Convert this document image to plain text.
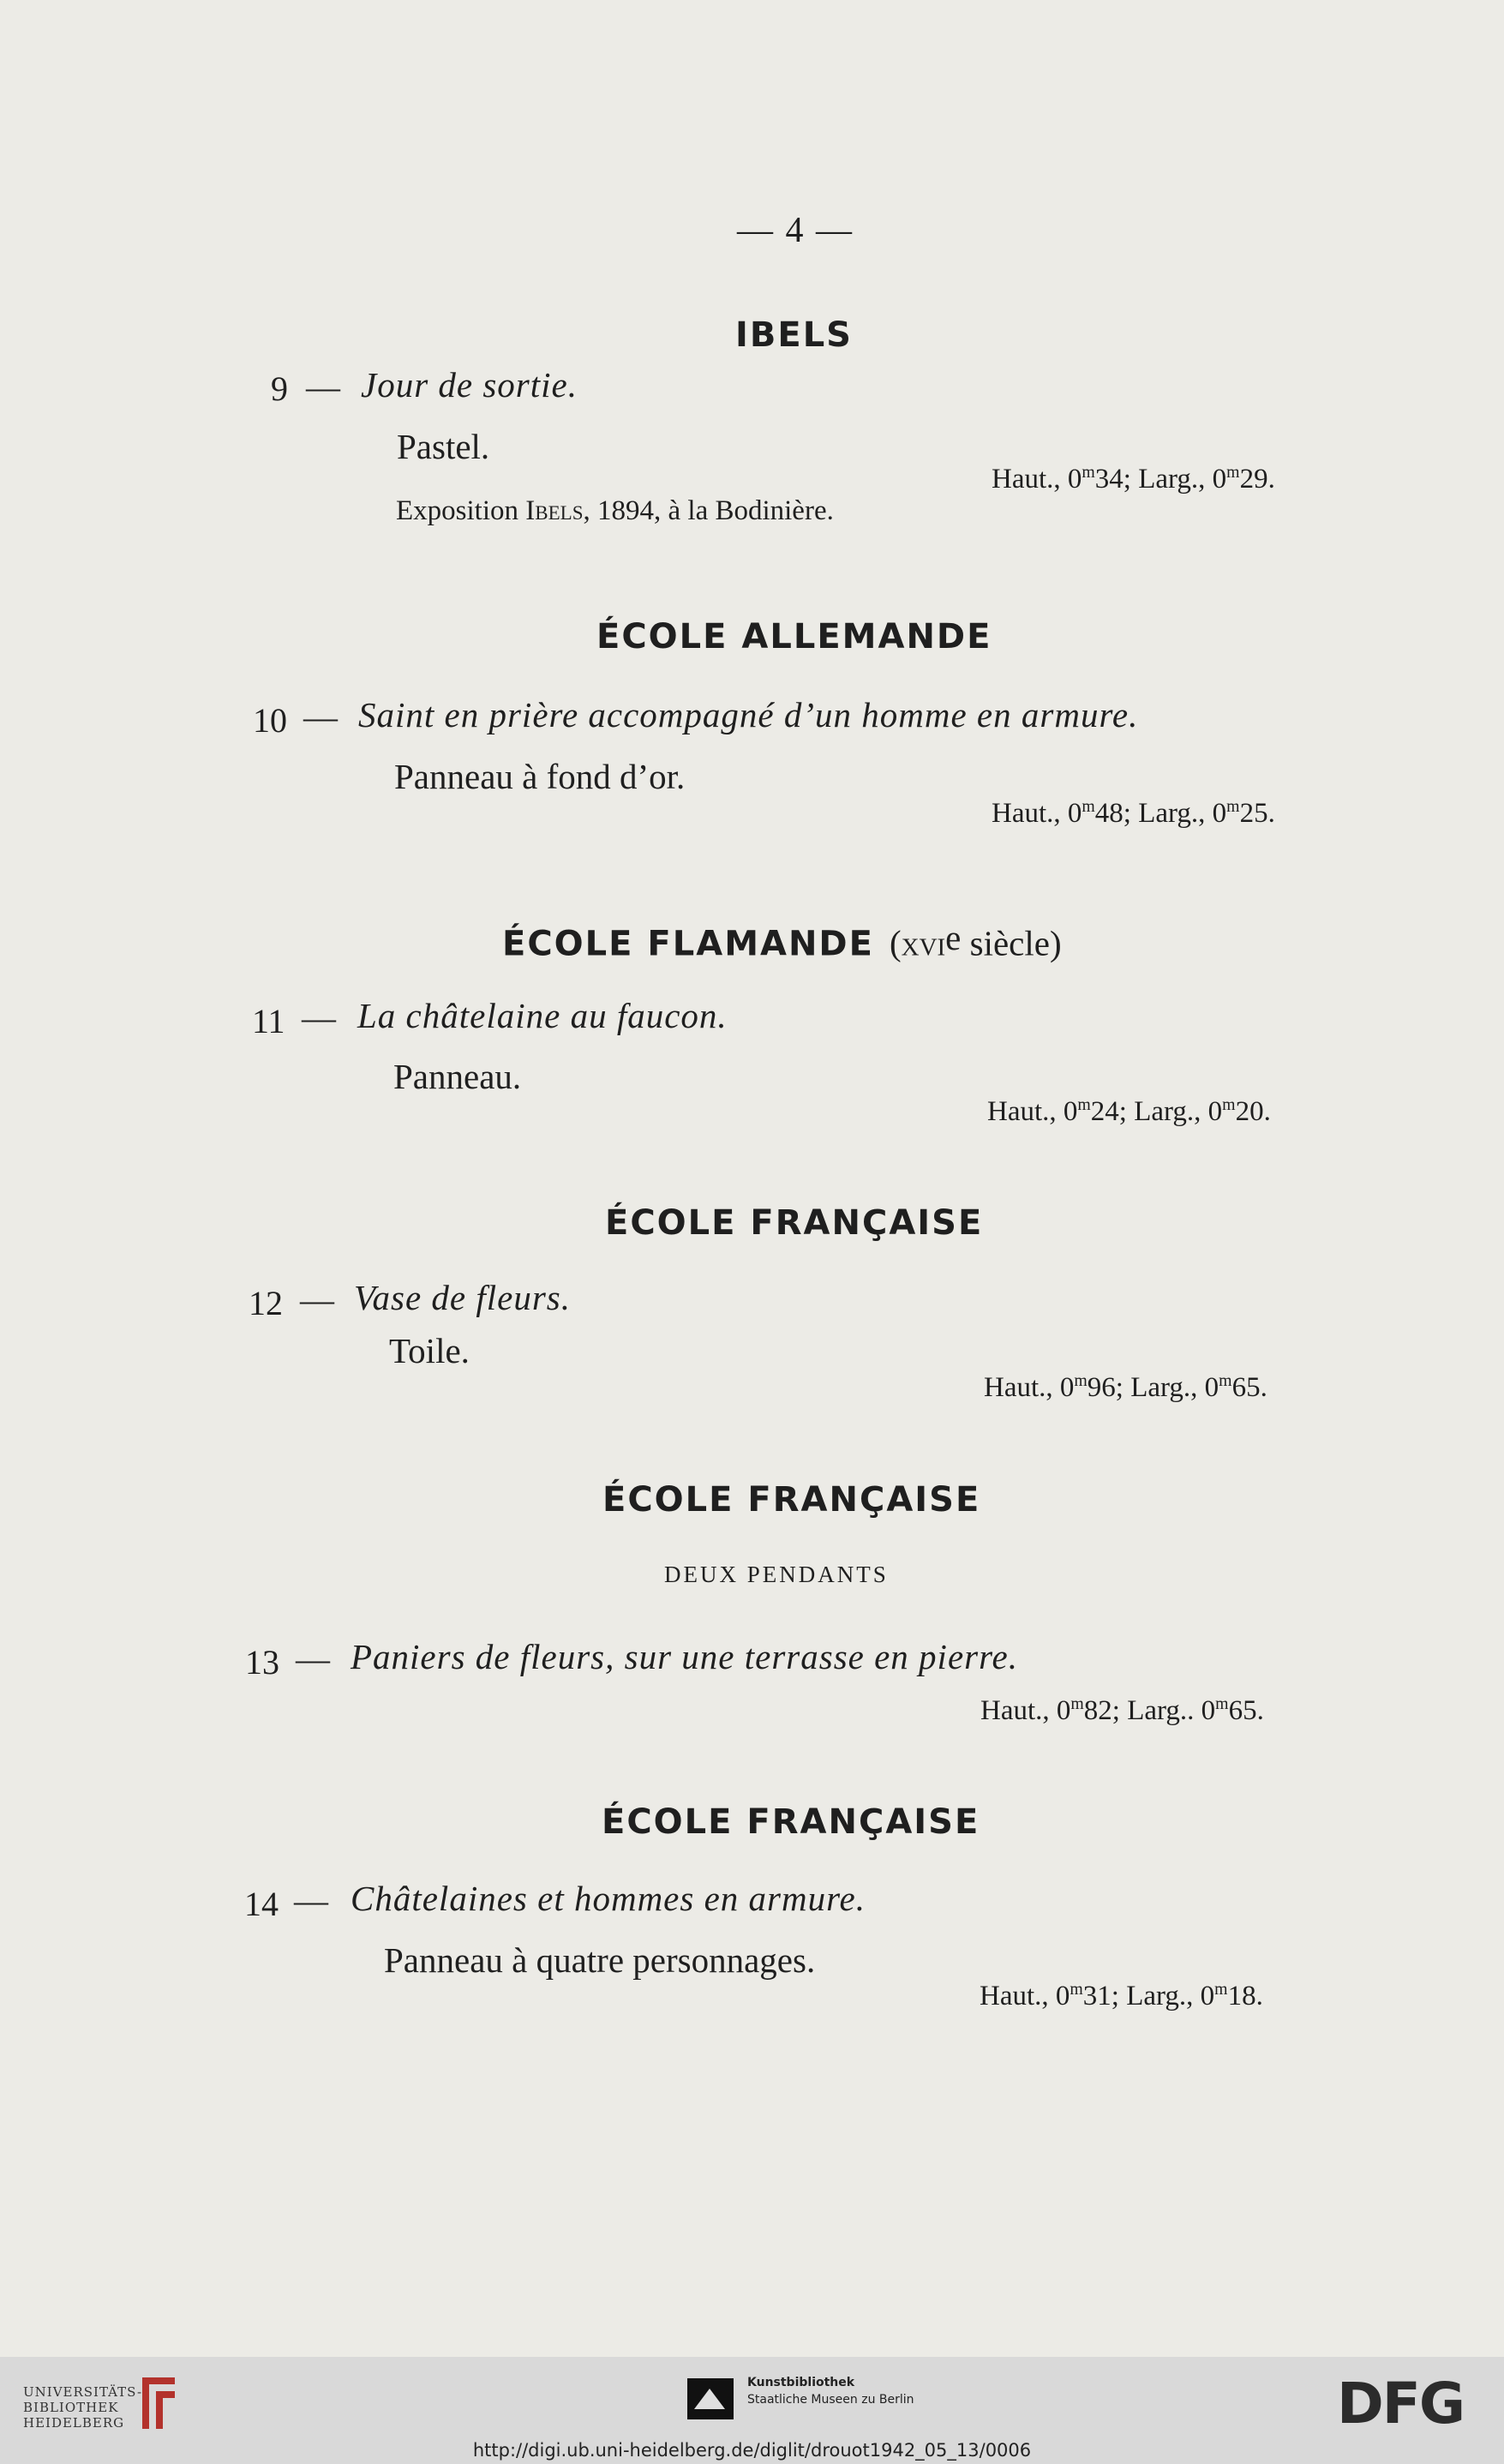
— 4 —
IBELS
9 — Jour de sortie.
Pastel.
Haut., 0$^m$34; Larg., 0$^m$29.
Exposition Ibels, 1894, à la Bodinière.
ÉCOLE ALLEMANDE
10 — Saint en prière accompagné d’un homme en armure.
Panneau à fond d’or.
Haut., 0$^m$48; Larg., 0$^m$25.
ÉCOLE FLAMANDE (xvi$^e$ siècle)
11 — La châtelaine au faucon.
Panneau.
Haut., 0$^m$24; Larg., 0$^m$20.
ÉCOLE FRANÇAISE
12 — Vase de fleurs.
Toile.
Haut., 0$^m$96; Larg., 0$^m$65.
ÉCOLE FRANÇAISE
DEUX PENDANTS
13 — Paniers de fleurs, sur une terrasse en pierre.
Haut., 0$^m$82; Larg.. 0$^m$65.
ÉCOLE FRANÇAISE
14 — Châtelaines et hommes en armure.
Panneau à quatre personnages.
Haut., 0$^m$31; Larg., 0$^m$18.
UNIVERSITÄTS-
BIBLIOTHEK
HEIDELBERG
Kunstbibliothek
Staatliche Museen zu Berlin	DFG
http://digi.ub.uni-heidelberg.de/diglit/drouot1942_05_13/0006
